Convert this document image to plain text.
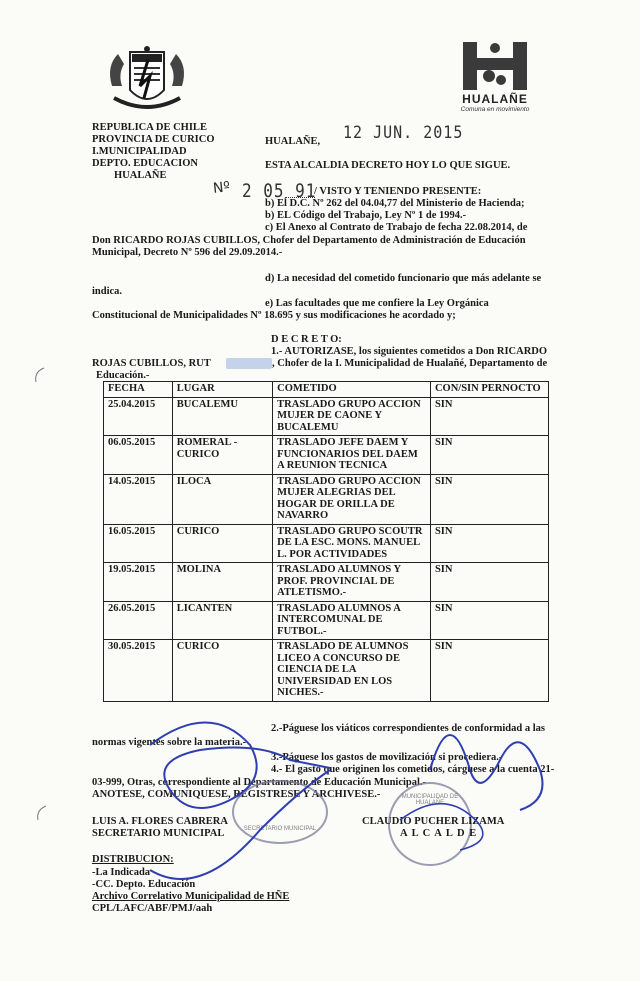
HUALAÑE
Comuna en movimiento
REPUBLICA DE CHILE
PROVINCIA DE CURICO
I.MUNICIPALIDAD
DEPTO. EDUCACION
HUALAÑE
HUALAÑE, 12 JUN. 2015
ESTA ALCALDIA DECRETO HOY LO QUE SIGUE.
Nº 2 05 91
/ VISTO Y TENIENDO PRESENTE:
b) El D.C. Nº 262 del 04.04,77 del Ministerio de Hacienda;
b) EL Código del Trabajo, Ley Nº 1 de 1994.-
c) El Anexo al Contrato de Trabajo de fecha 22.08.2014, de
Don RICARDO ROJAS CUBILLOS, Chofer del Departamento de Administración de Educación
Municipal, Decreto Nº 596 del 29.09.2014.-
d) La necesidad del cometido funcionario que más adelante se
indica.
e) Las facultades que me confiere la Ley Orgánica
Constitucional de Municipalidades Nº 18.695 y sus modificaciones he acordado y;
D E C R E T O:
1.- AUTORIZASE, los siguientes cometidos a Don RICARDO
ROJAS CUBILLOS, RUT	, Chofer de la I. Municipalidad de Hualañé, Departamento de
Educación.-
FECHA	LUGAR	COMETIDO	CON/SIN PERNOCTO
25.04.2015	BUCALEMU	TRASLADO GRUPO ACCION MUJER DE CAONE Y BUCALEMU	SIN
06.05.2015	ROMERAL - CURICO	TRASLADO JEFE DAEM Y FUNCIONARIOS DEL DAEM A REUNION TECNICA	SIN
14.05.2015	ILOCA	TRASLADO GRUPO ACCION MUJER ALEGRIAS DEL HOGAR DE ORILLA DE NAVARRO	SIN
16.05.2015	CURICO	TRASLADO GRUPO SCOUTR DE LA ESC. MONS. MANUEL L. POR ACTIVIDADES	SIN
19.05.2015	MOLINA	TRASLADO ALUMNOS Y PROF. PROVINCIAL DE ATLETISMO.-	SIN
26.05.2015	LICANTEN	TRASLADO ALUMNOS A INTERCOMUNAL DE FUTBOL.-	SIN
30.05.2015	CURICO	TRASLADO DE ALUMNOS LICEO A CONCURSO DE CIENCIA DE LA UNIVERSIDAD EN LOS NICHES.-	SIN
2.-Páguese los viáticos correspondientes de conformidad a las
normas vigentes sobre la materia.-
3.-Páguese los gastos de movilización si procediera.-
4.- El gasto que originen los cometidos, cárguese a la cuenta 21-
03-999, Otras, correspondiente al Departamento de Educación Municipal.-
ANOTESE, COMUNIQUESE, REGISTRESE Y ARCHIVESE.-
SECRETARIO MUNICIPAL
MUNICIPALIDAD DE HUALAÑE
LUIS A. FLORES CABRERA
SECRETARIO MUNICIPAL
CLAUDIO PUCHER LIZAMA
A L C A L D E
DISTRIBUCION:
-La Indicada
-CC. Depto. Educación
Archivo Correlativo Municipalidad de HÑE
CPL/LAFC/ABF/PMJ/aah
